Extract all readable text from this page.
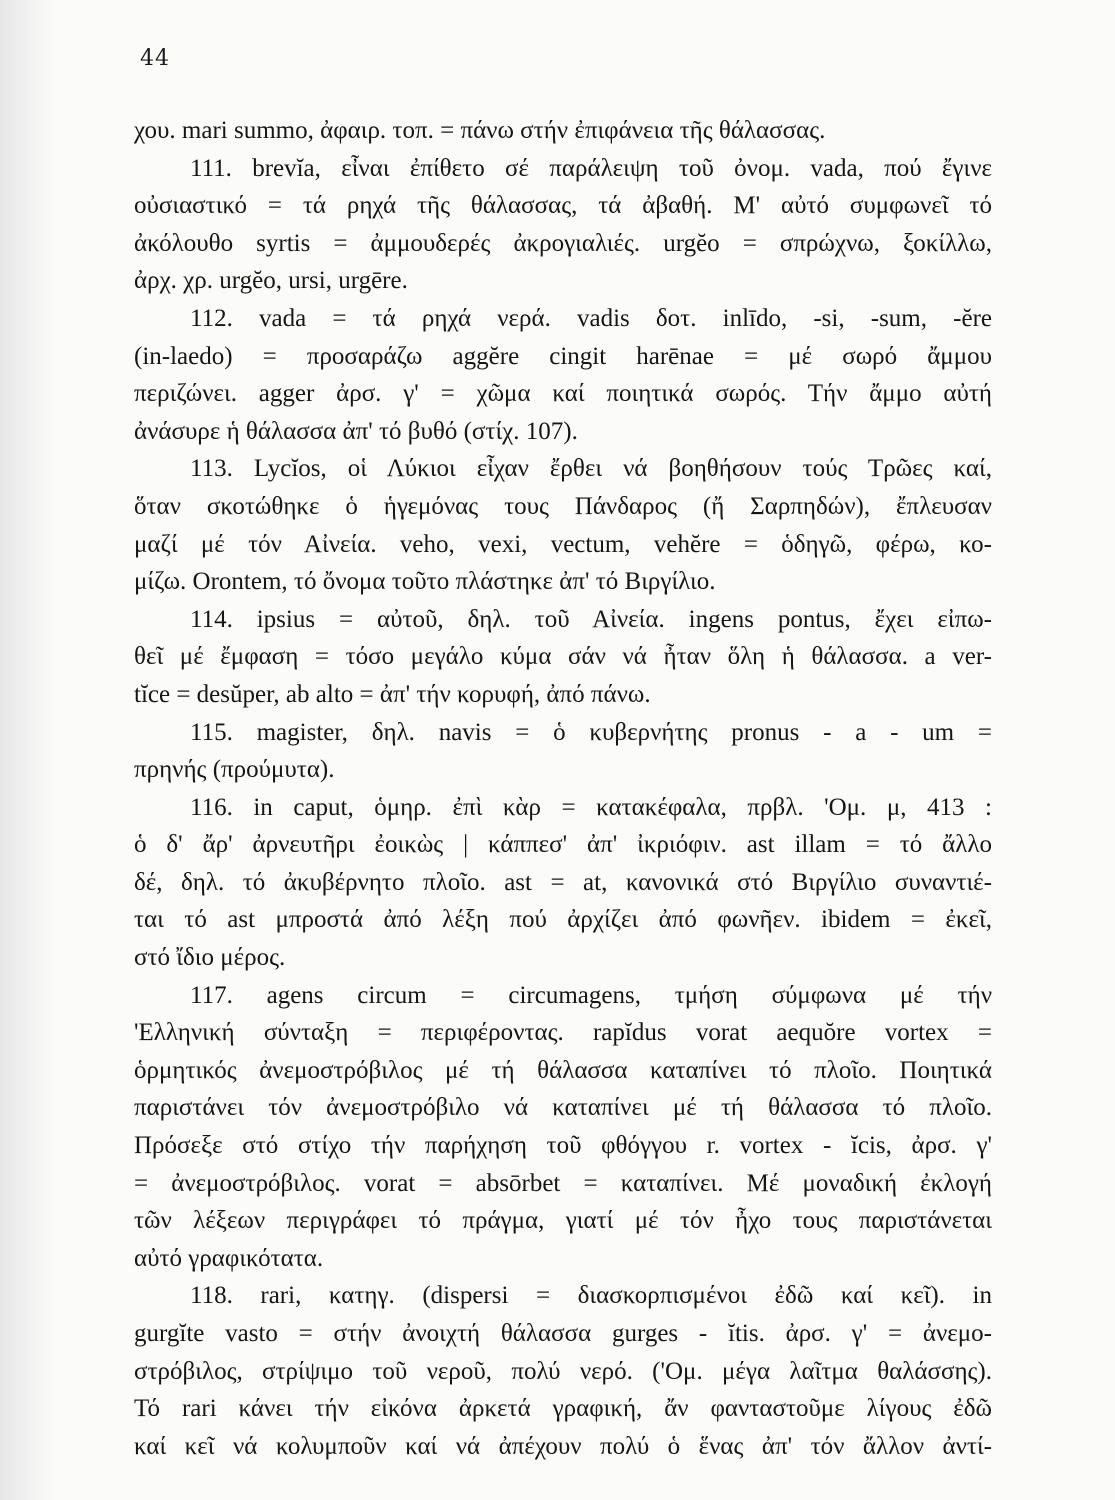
44

χου. mari summo, ἀφαιρ. τοπ. = πάνω στήν ἐπιφάνεια τῆς θάλασσας.

111. brevĭa, εἶναι ἐπίθετο σέ παράλειψη τοῦ ὀνομ. vada, πού ἔγινε

οὐσιαστικό = τά ρηχά τῆς θάλασσας, τά ἀβαθή. Μ' αὐτό συμφωνεῖ τό

ἀκόλουθο syrtis = ἀμμουδερές ἀκρογιαλιές. urgĕo = σπρώχνω, ξοκίλλω,

ἀρχ. χρ. urgĕo, ursi, urgēre.

112. vada = τά ρηχά νερά. vadis δοτ. inlīdo, -si, -sum, -ĕre

(in-laedo) = προσαράζω aggĕre cingit harēnae = μέ σωρό ἄμμου

περιζώνει. agger ἀρσ. γ' = χῶμα καί ποιητικά σωρός. Τήν ἄμμο αὐτή

ἀνάσυρε ἡ θάλασσα ἀπ' τό βυθό (στίχ. 107).

113. Lycĭos, οἱ Λύκιοι εἶχαν ἔρθει νά βοηθήσουν τούς Τρῶες καί,

ὅταν σκοτώθηκε ὁ ἡγεμόνας τους Πάνδαρος (ἤ Σαρπηδών), ἔπλευσαν

μαζί μέ τόν Αἰνεία. veho, vexi, vectum, vehĕre = ὁδηγῶ, φέρω, κο-

μίζω. Orontem, τό ὄνομα τοῦτο πλάστηκε ἀπ' τό Βιργίλιο.

114. ipsius = αὐτοῦ, δηλ. τοῦ Αἰνεία. ingens pontus, ἔχει εἰπω-

θεῖ μέ ἔμφαση = τόσο μεγάλο κύμα σάν νά ἦταν ὅλη ἡ θάλασσα. a ver-

tĭce = desŭper, ab alto = ἀπ' τήν κορυφή, ἀπό πάνω.

115. magister, δηλ. navis = ὁ κυβερνήτης pronus - a - um =

πρηνής (προύμυτα).

116. in caput, ὁμηρ. ἐπὶ κὰρ = κατακέφαλα, πρβλ. 'Ομ. μ, 413 :

ὁ δ' ἄρ' ἀρνευτῆρι ἐοικὼς | κάππεσ' ἀπ' ἰκριόφιν. ast illam = τό ἄλλο

δέ, δηλ. τό ἀκυβέρνητο πλοῖο. ast = at, κανονικά στό Βιργίλιο συναντιέ-

ται τό ast μπροστά ἀπό λέξη πού ἀρχίζει ἀπό φωνῆεν. ibidem = ἐκεῖ,

στό ἴδιο μέρος.

117. agens circum = circumagens, τμήση σύμφωνα μέ τήν

'Ελληνική σύνταξη = περιφέροντας. rapĭdus vorat aequŏre vortex =

ὁρμητικός ἀνεμοστρόβιλος μέ τή θάλασσα καταπίνει τό πλοῖο. Ποιητικά

παριστάνει τόν ἀνεμοστρόβιλο νά καταπίνει μέ τή θάλασσα τό πλοῖο.

Πρόσεξε στό στίχο τήν παρήχηση τοῦ φθόγγου r. vortex - ĭcis, ἀρσ. γ'

= ἀνεμοστρόβιλος. vorat = absōrbet = καταπίνει. Μέ μοναδική ἐκλογή

τῶν λέξεων περιγράφει τό πράγμα, γιατί μέ τόν ἦχο τους παριστάνεται

αὐτό γραφικότατα.

118. rari, κατηγ. (dispersi = διασκορπισμένοι ἐδῶ καί κεῖ). in

gurgĭte vasto = στήν ἀνοιχτή θάλασσα gurges - ĭtis. ἀρσ. γ' = ἀνεμο-

στρόβιλος, στρίψιμο τοῦ νεροῦ, πολύ νερό. ('Ομ. μέγα λαῖτμα θαλάσσης).

Τό rari κάνει τήν εἰκόνα ἀρκετά γραφική, ἄν φανταστοῦμε λίγους ἐδῶ

καί κεῖ νά κολυμποῦν καί νά ἀπέχουν πολύ ὁ ἕνας ἀπ' τόν ἄλλον ἀντί-
